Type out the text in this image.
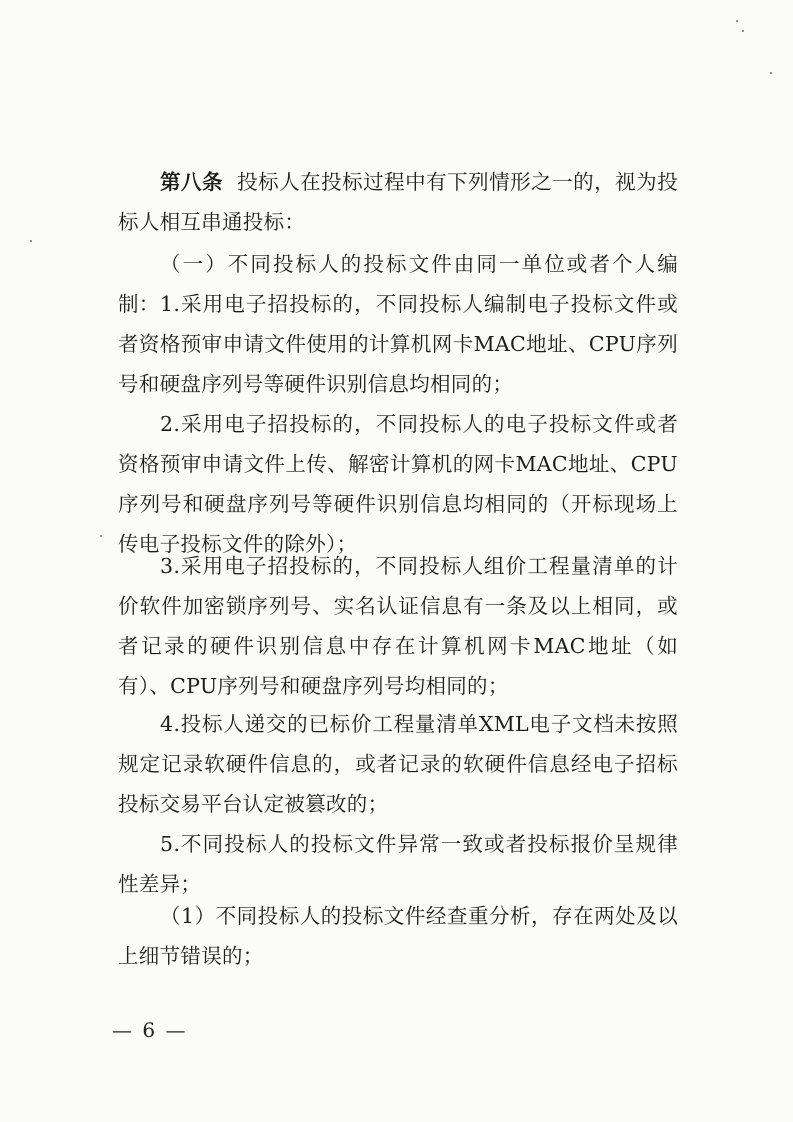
第八条 投标人在投标过程中有下列情形之一的，视为投标人相互串通投标：

（一）不同投标人的投标文件由同一单位或者个人编制： 1.采用电子招投标的，不同投标人编制电子投标文件或者资格预审申请文件使用的计算机网卡MAC地址、CPU序列号和硬盘序列号等硬件识别信息均相同的；

2.采用电子招投标的，不同投标人的电子投标文件或者资格预审申请文件上传、解密计算机的网卡MAC地址、CPU序列号和硬盘序列号等硬件识别信息均相同的（开标现场上传电子投标文件的除外）；

3.采用电子招投标的，不同投标人组价工程量清单的计价软件加密锁序列号、实名认证信息有一条及以上相同，或者记录的硬件识别信息中存在计算机网卡MAC地址（如有）、CPU序列号和硬盘序列号均相同的；

4.投标人递交的已标价工程量清单XML电子文档未按照规定记录软硬件信息的，或者记录的软硬件信息经电子招标投标交易平台认定被篡改的；

5.不同投标人的投标文件异常一致或者投标报价呈规律性差异；

（1）不同投标人的投标文件经查重分析，存在两处及以上细节错误的；

— 6 —
